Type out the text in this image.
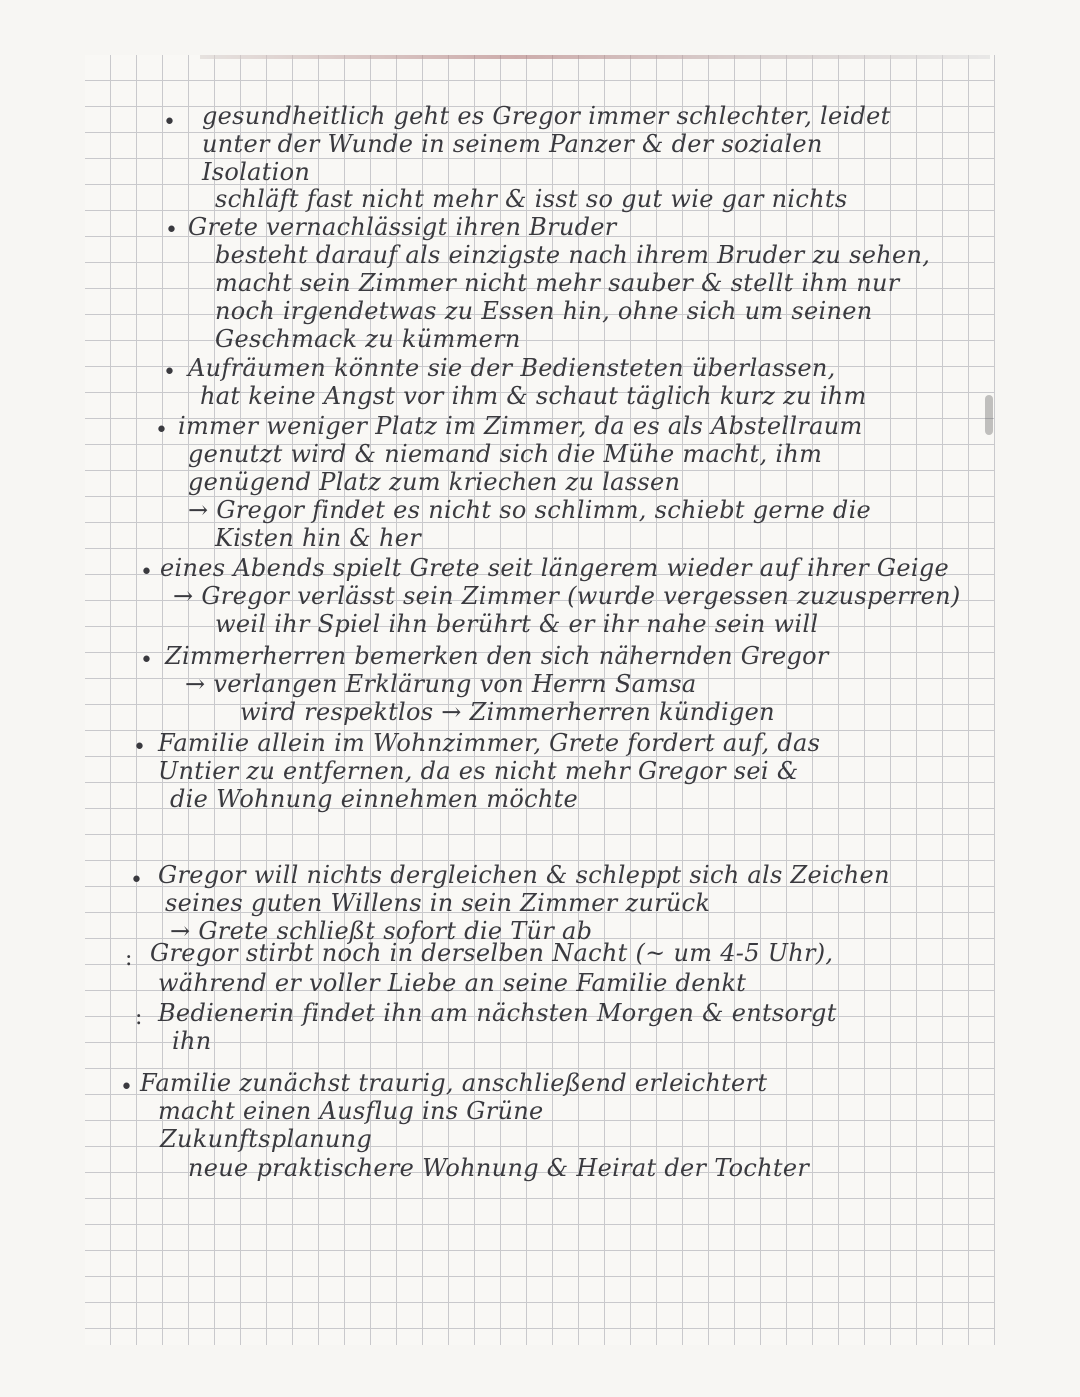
• gesundheitlich geht es Gregor immer schlechter, leidet
unter der Wunde in seinem Panzer & der sozialen
Isolation
schläft fast nicht mehr & isst so gut wie gar nichts
• Grete vernachlässigt ihren Bruder
besteht darauf als einzigste nach ihrem Bruder zu sehen,
macht sein Zimmer nicht mehr sauber & stellt ihm nur
noch irgendetwas zu Essen hin, ohne sich um seinen
Geschmack zu kümmern
• Aufräumen könnte sie der Bediensteten überlassen,
hat keine Angst vor ihm & schaut täglich kurz zu ihm
• immer weniger Platz im Zimmer, da es als Abstellraum
genutzt wird & niemand sich die Mühe macht, ihm
genügend Platz zum kriechen zu lassen
→ Gregor findet es nicht so schlimm, schiebt gerne die
Kisten hin & her
• eines Abends spielt Grete seit längerem wieder auf ihrer Geige
→ Gregor verlässt sein Zimmer (wurde vergessen zuzusperren)
weil ihr Spiel ihn berührt & er ihr nahe sein will
• Zimmerherren bemerken den sich nähernden Gregor
→ verlangen Erklärung von Herrn Samsa
wird respektlos → Zimmerherren kündigen
• Familie allein im Wohnzimmer, Grete fordert auf, das
Untier zu entfernen, da es nicht mehr Gregor sei &
die Wohnung einnehmen möchte
• Gregor will nichts dergleichen & schleppt sich als Zeichen
seines guten Willens in sein Zimmer zurück
→ Grete schließt sofort die Tür ab
: Gregor stirbt noch in derselben Nacht (~ um 4-5 Uhr),
während er voller Liebe an seine Familie denkt
: Bedienerin findet ihn am nächsten Morgen & entsorgt
ihn
• Familie zunächst traurig, anschließend erleichtert
macht einen Ausflug ins Grüne
Zukunftsplanung
neue praktischere Wohnung & Heirat der Tochter
